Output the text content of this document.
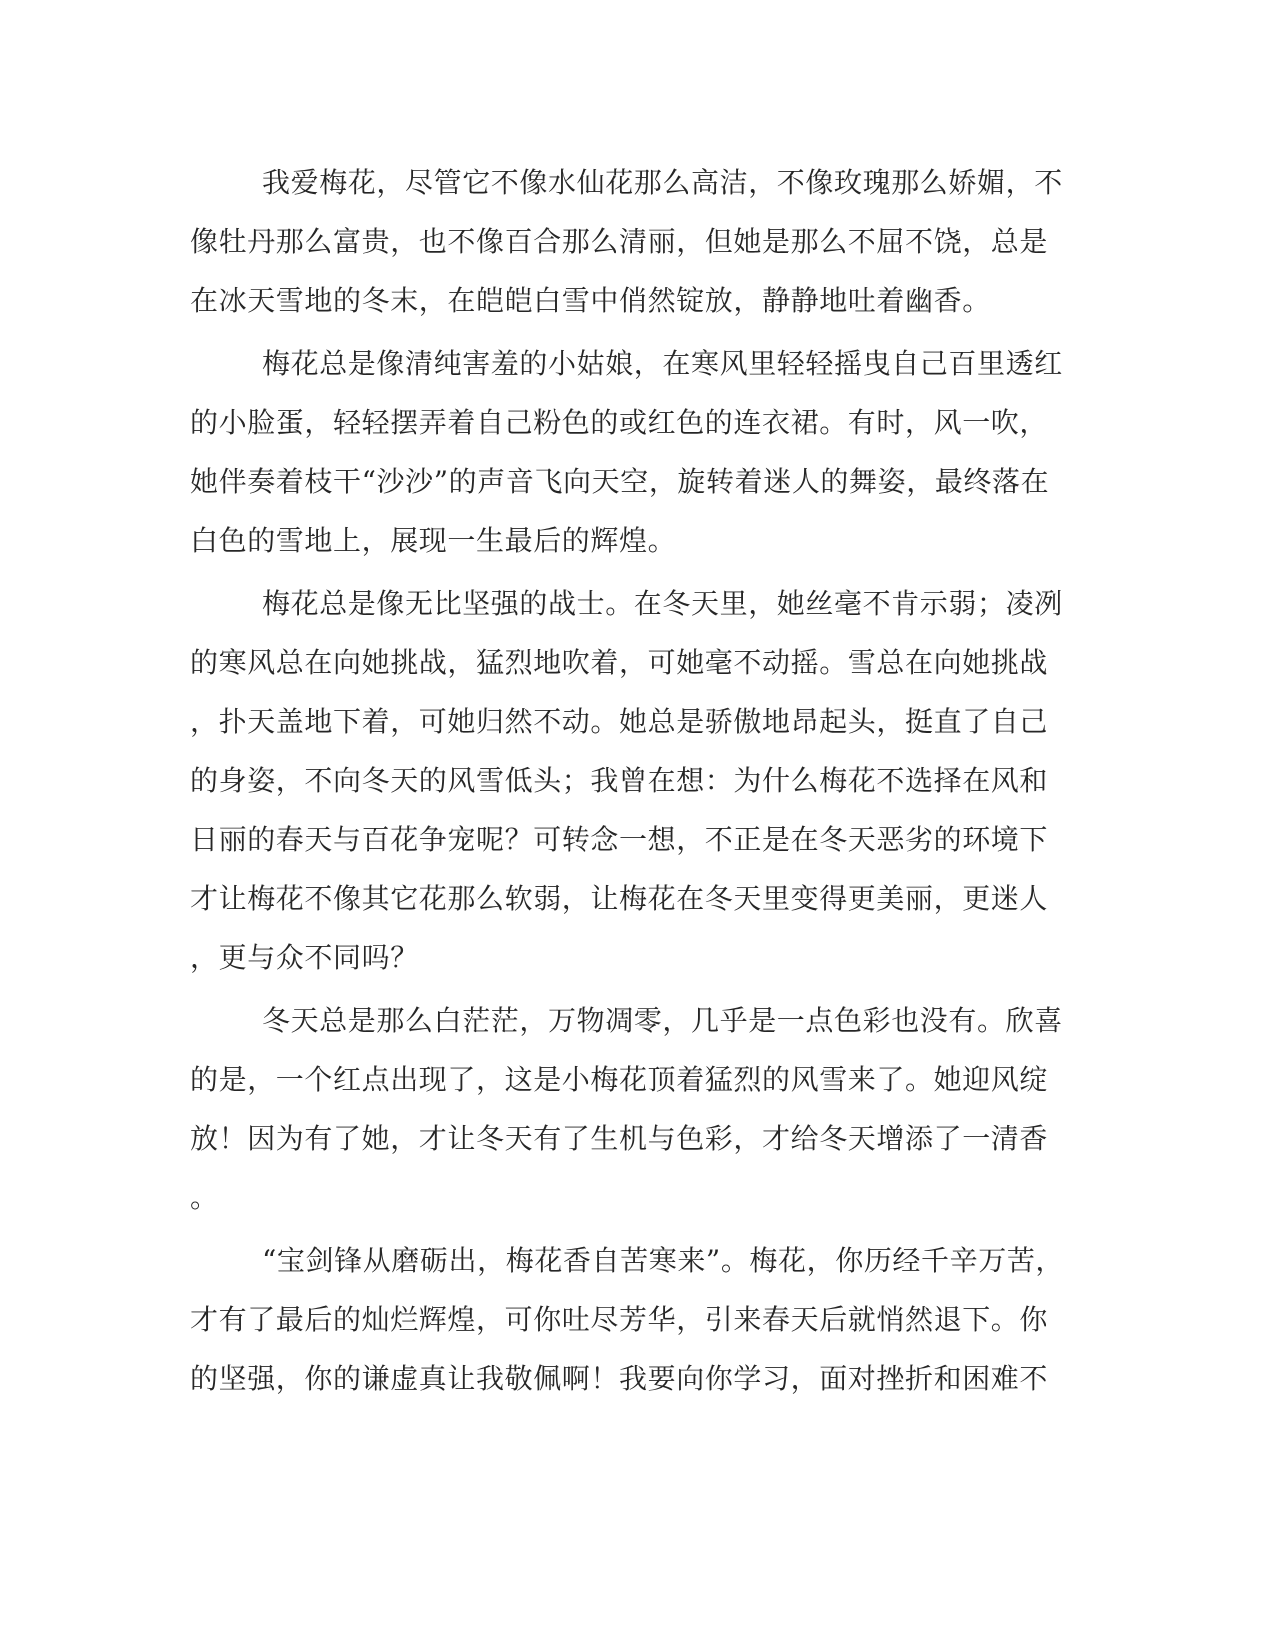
我爱梅花，尽管它不像水仙花那么高洁，不像玫瑰那么娇媚，不
像牡丹那么富贵，也不像百合那么清丽，但她是那么不屈不饶，总是
在冰天雪地的冬末，在皑皑白雪中俏然锭放，静静地吐着幽香。
梅花总是像清纯害羞的小姑娘，在寒风里轻轻摇曳自己百里透红
的小脸蛋，轻轻摆弄着自己粉色的或红色的连衣裙。有时，风一吹，
她伴奏着枝干“沙沙”的声音飞向天空，旋转着迷人的舞姿，最终落在
白色的雪地上，展现一生最后的辉煌。
梅花总是像无比坚强的战士。在冬天里，她丝毫不肯示弱；凌冽
的寒风总在向她挑战，猛烈地吹着，可她毫不动摇。雪总在向她挑战
，扑天盖地下着，可她归然不动。她总是骄傲地昂起头，挺直了自己
的身姿，不向冬天的风雪低头；我曾在想：为什么梅花不选择在风和
日丽的春天与百花争宠呢？可转念一想，不正是在冬天恶劣的环境下
才让梅花不像其它花那么软弱，让梅花在冬天里变得更美丽，更迷人
，更与众不同吗？
冬天总是那么白茫茫，万物凋零，几乎是一点色彩也没有。欣喜
的是，一个红点出现了，这是小梅花顶着猛烈的风雪来了。她迎风绽
放！因为有了她，才让冬天有了生机与色彩，才给冬天增添了一清香
。
“宝剑锋从磨砺出，梅花香自苦寒来”。梅花，你历经千辛万苦，
才有了最后的灿烂辉煌，可你吐尽芳华，引来春天后就悄然退下。你
的坚强，你的谦虚真让我敬佩啊！我要向你学习，面对挫折和困难不
